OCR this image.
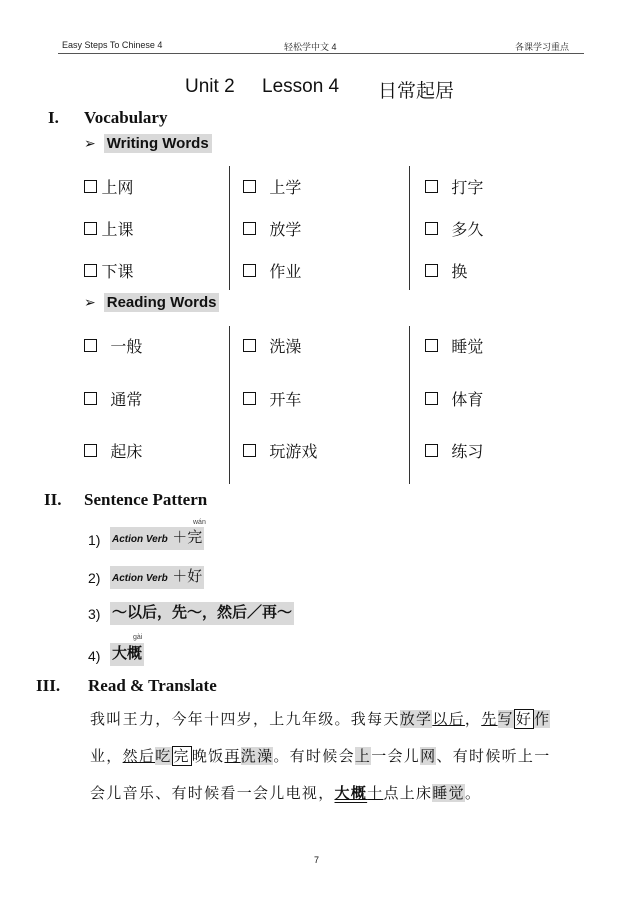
Easy Steps To Chinese 4	轻松学中文 4	各课学习重点
Unit 2 Lesson 4 日常起居
I. Vocabulary
➢ Writing Words
上网
上课
下课
上学
放学
作业
打字
多久
换
➢ Reading Words
一般
通常
起床
洗澡
开车
玩游戏
睡觉
体育
练习
II. Sentence Pattern
1)
wán
Action Verb ＋完
2) Action Verb ＋好
3) ～以后，先～，然后／再～
4)
gài
大概
III. Read & Translate
我叫王力，今年十四岁，上九年级。我每天放学以后，先写 好 作
业，然后吃 完 晚饭再洗澡。有时候会上一会儿网、有时候听上一
会儿音乐、有时候看一会儿电视，大概十点上床睡觉。
7
